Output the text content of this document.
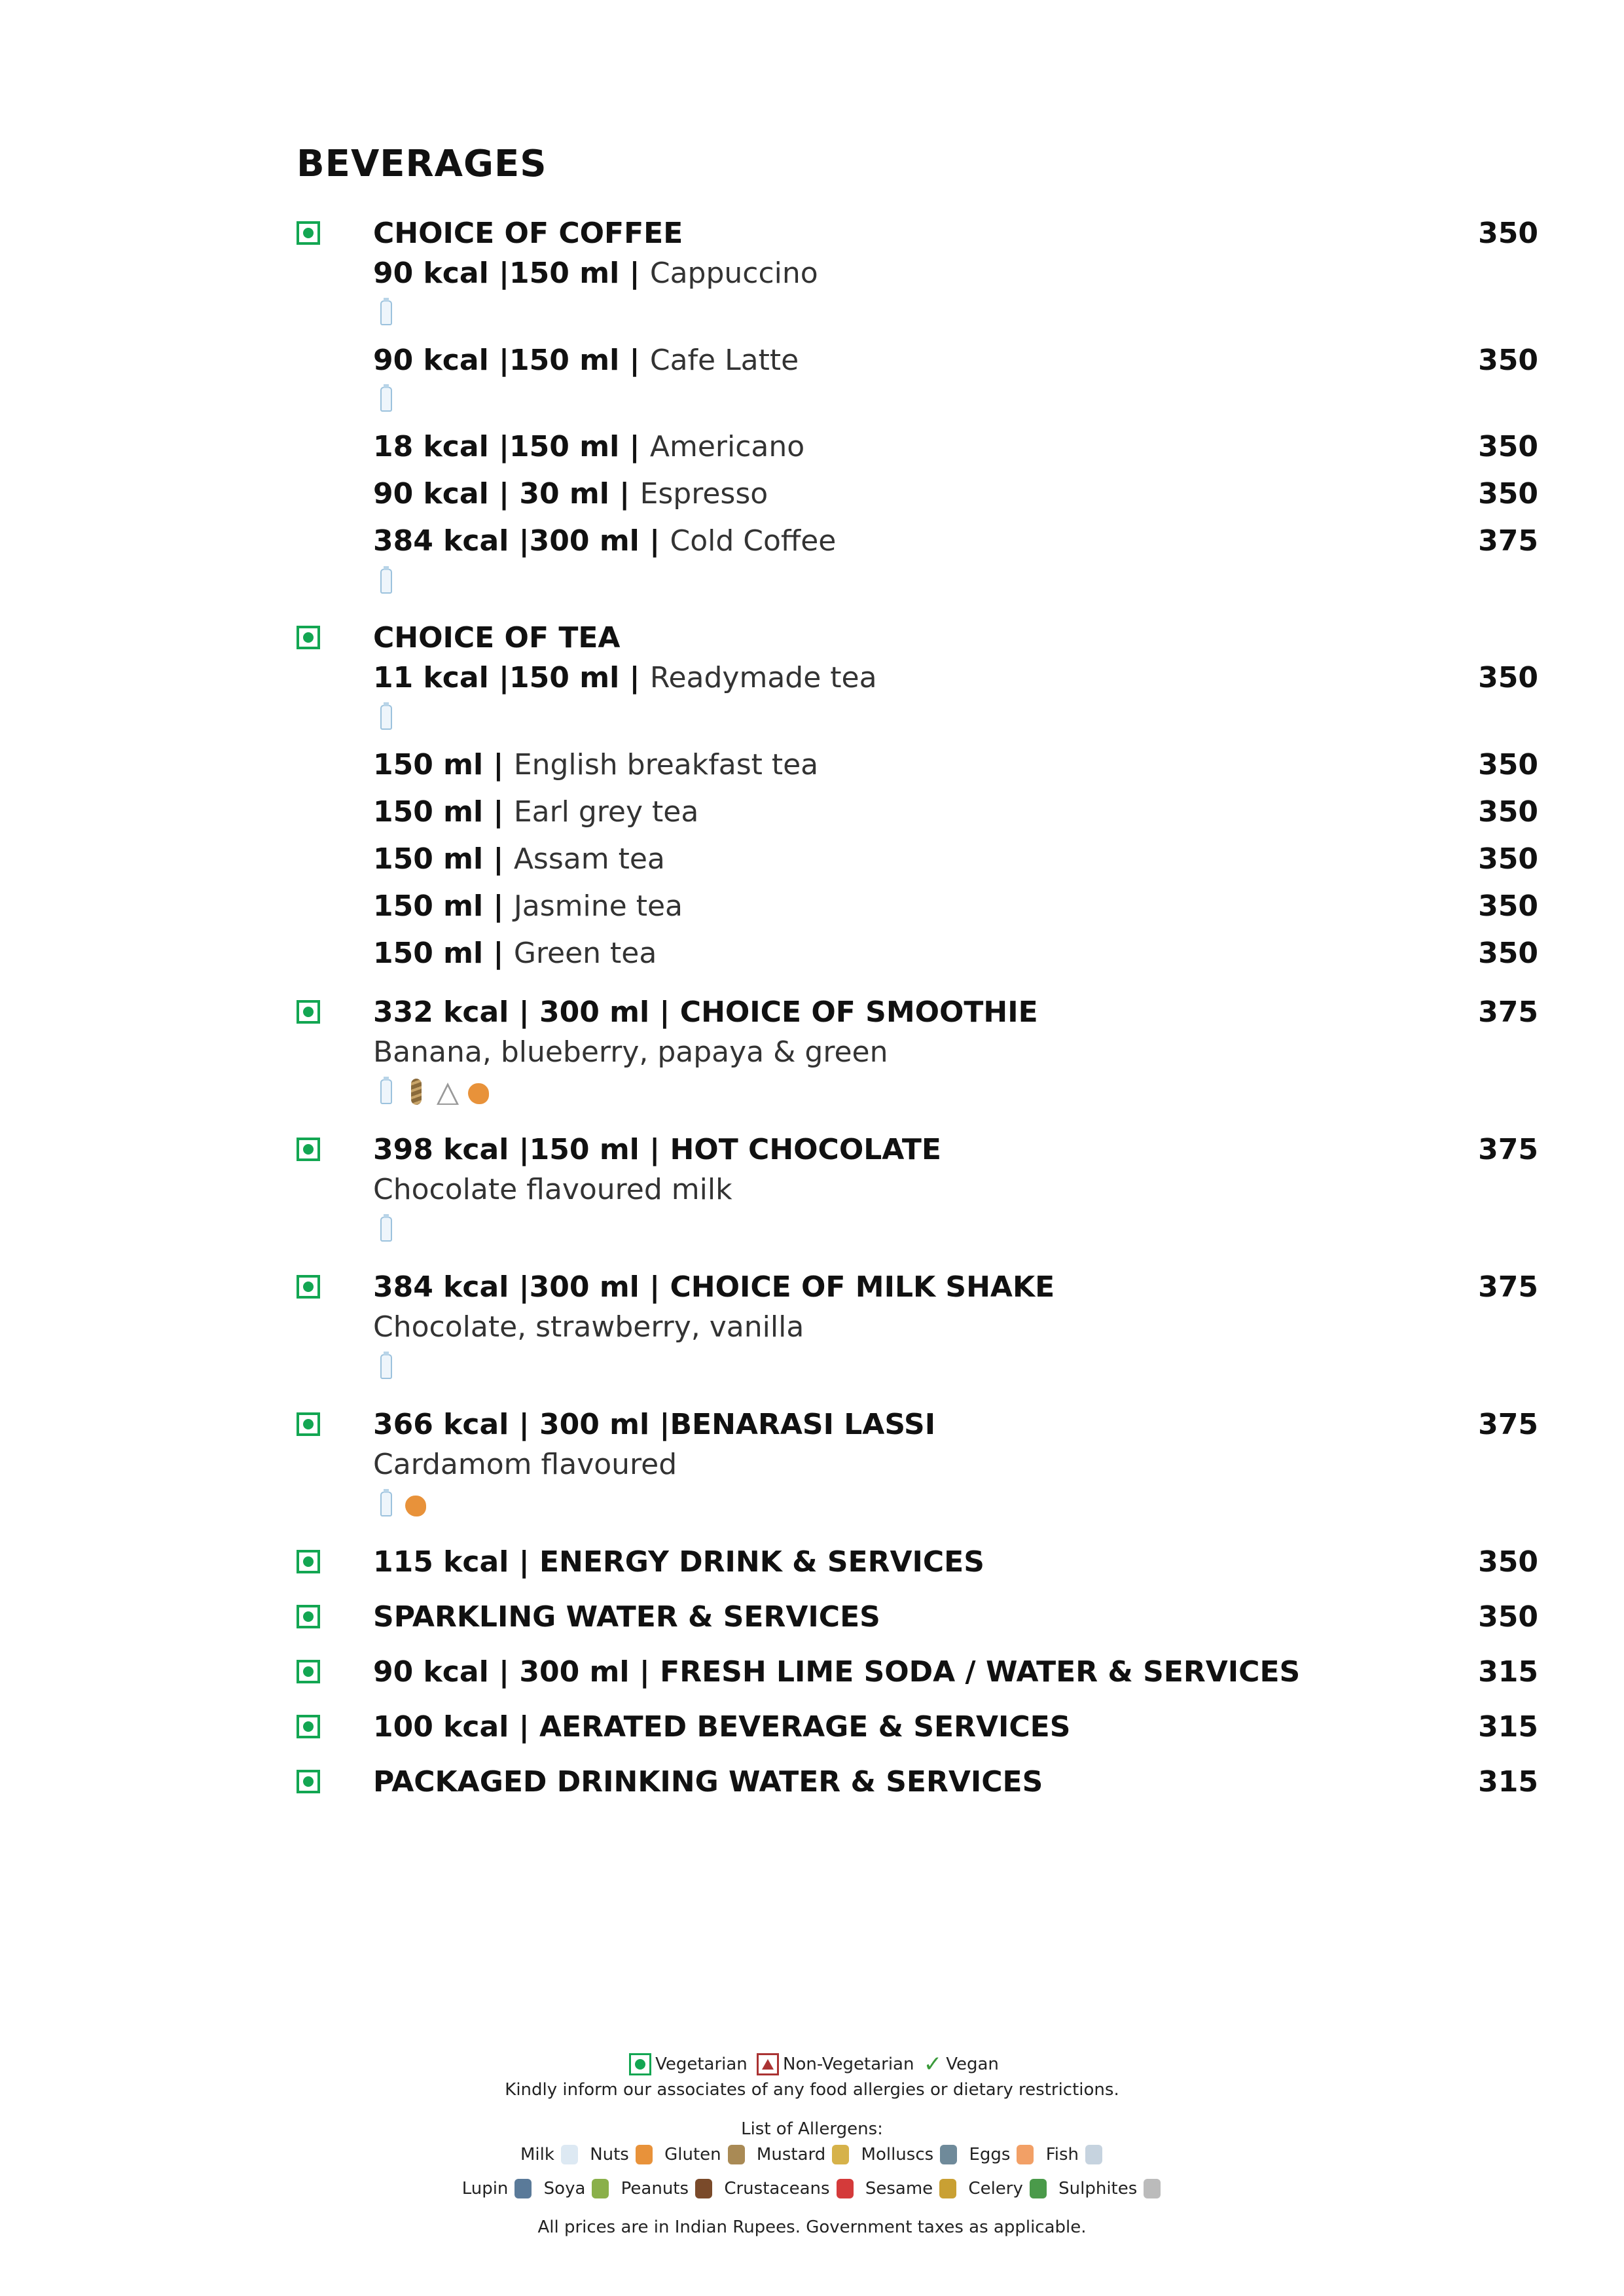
BEVERAGES
CHOICE OF COFFEE	350
90 kcal |150 ml | Cappuccino
90 kcal |150 ml | Cafe Latte	350
18 kcal |150 ml | Americano	350
90 kcal | 30 ml | Espresso	350
384 kcal |300 ml | Cold Coffee	375
CHOICE OF TEA
11 kcal |150 ml | Readymade tea	350
150 ml | English breakfast tea	350
150 ml | Earl grey tea	350
150 ml | Assam tea	350
150 ml | Jasmine tea	350
150 ml | Green tea	350
332 kcal | 300 ml | CHOICE OF SMOOTHIE	375
Banana, blueberry, papaya & green
398 kcal |150 ml | HOT CHOCOLATE	375
Chocolate flavoured milk
384 kcal |300 ml | CHOICE OF MILK SHAKE	375
Chocolate, strawberry, vanilla
366 kcal | 300 ml |BENARASI LASSI	375
Cardamom flavoured
115 kcal | ENERGY DRINK & SERVICES	350
SPARKLING WATER & SERVICES	350
90 kcal | 300 ml | FRESH LIME SODA / WATER & SERVICES	315
100 kcal | AERATED BEVERAGE & SERVICES	315
PACKAGED DRINKING WATER & SERVICES	315
Vegetarian Non-Vegetarian ✓ Vegan
Kindly inform our associates of any food allergies or dietary restrictions.
List of Allergens:
Milk Nuts Gluten Mustard Molluscs Eggs Fish
Lupin Soya Peanuts Crustaceans Sesame Celery Sulphites
All prices are in Indian Rupees. Government taxes as applicable.
